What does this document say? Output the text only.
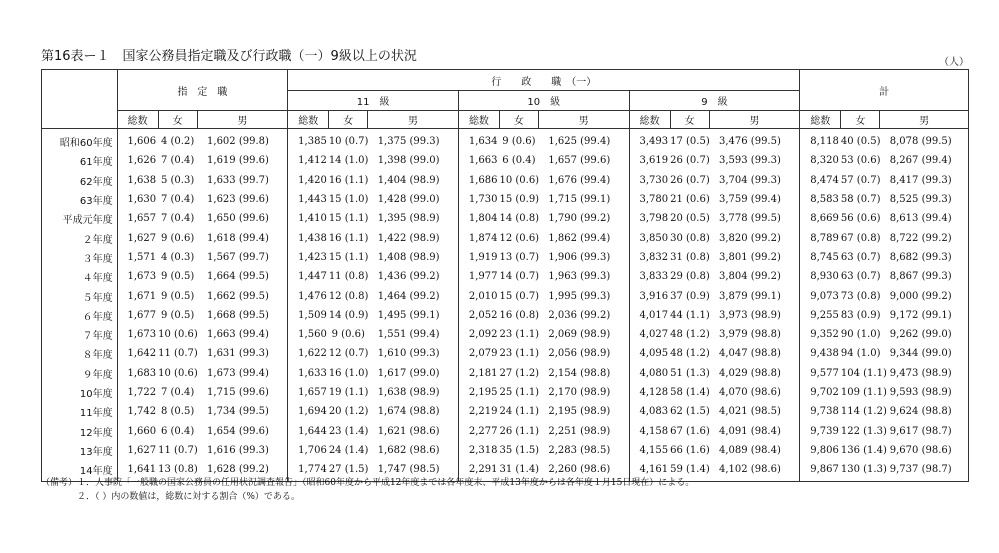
第16表ー１　国家公務員指定職及び行政職（一）9級以上の状況	（人）
	指　定　職			行　　政　　職　（一）									計		
				11　級			10　級			9　級					
	総数	女	男	総数	女	男	総数	女	男	総数	女	男	総数	女	男
昭和60年度	1,606	4 (0.2)	1,602 (99.8)	1,385	10 (0.7)	1,375 (99.3)	1,634	9 (0.6)	1,625 (99.4)	3,493	17 (0.5)	3,476 (99.5)	8,118	40 (0.5)	8,078 (99.5)
61年度	1,626	7 (0.4)	1,619 (99.6)	1,412	14 (1.0)	1,398 (99.0)	1,663	6 (0.4)	1,657 (99.6)	3,619	26 (0.7)	3,593 (99.3)	8,320	53 (0.6)	8,267 (99.4)
62年度	1,638	5 (0.3)	1,633 (99.7)	1,420	16 (1.1)	1,404 (98.9)	1,686	10 (0.6)	1,676 (99.4)	3,730	26 (0.7)	3,704 (99.3)	8,474	57 (0.7)	8,417 (99.3)
63年度	1,630	7 (0.4)	1,623 (99.6)	1,443	15 (1.0)	1,428 (99.0)	1,730	15 (0.9)	1,715 (99.1)	3,780	21 (0.6)	3,759 (99.4)	8,583	58 (0.7)	8,525 (99.3)
平成元年度	1,657	7 (0.4)	1,650 (99.6)	1,410	15 (1.1)	1,395 (98.9)	1,804	14 (0.8)	1,790 (99.2)	3,798	20 (0.5)	3,778 (99.5)	8,669	56 (0.6)	8,613 (99.4)
２年度	1,627	9 (0.6)	1,618 (99.4)	1,438	16 (1.1)	1,422 (98.9)	1,874	12 (0.6)	1,862 (99.4)	3,850	30 (0.8)	3,820 (99.2)	8,789	67 (0.8)	8,722 (99.2)
３年度	1,571	4 (0.3)	1,567 (99.7)	1,423	15 (1.1)	1,408 (98.9)	1,919	13 (0.7)	1,906 (99.3)	3,832	31 (0.8)	3,801 (99.2)	8,745	63 (0.7)	8,682 (99.3)
４年度	1,673	9 (0.5)	1,664 (99.5)	1,447	11 (0.8)	1,436 (99.2)	1,977	14 (0.7)	1,963 (99.3)	3,833	29 (0.8)	3,804 (99.2)	8,930	63 (0.7)	8,867 (99.3)
５年度	1,671	9 (0.5)	1,662 (99.5)	1,476	12 (0.8)	1,464 (99.2)	2,010	15 (0.7)	1,995 (99.3)	3,916	37 (0.9)	3,879 (99.1)	9,073	73 (0.8)	9,000 (99.2)
６年度	1,677	9 (0.5)	1,668 (99.5)	1,509	14 (0.9)	1,495 (99.1)	2,052	16 (0.8)	2,036 (99.2)	4,017	44 (1.1)	3,973 (98.9)	9,255	83 (0.9)	9,172 (99.1)
７年度	1,673	10 (0.6)	1,663 (99.4)	1,560	9 (0.6)	1,551 (99.4)	2,092	23 (1.1)	2,069 (98.9)	4,027	48 (1.2)	3,979 (98.8)	9,352	90 (1.0)	9,262 (99.0)
８年度	1,642	11 (0.7)	1,631 (99.3)	1,622	12 (0.7)	1,610 (99.3)	2,079	23 (1.1)	2,056 (98.9)	4,095	48 (1.2)	4,047 (98.8)	9,438	94 (1.0)	9,344 (99.0)
９年度	1,683	10 (0.6)	1,673 (99.4)	1,633	16 (1.0)	1,617 (99.0)	2,181	27 (1.2)	2,154 (98.8)	4,080	51 (1.3)	4,029 (98.8)	9,577	104 (1.1)	9,473 (98.9)
10年度	1,722	7 (0.4)	1,715 (99.6)	1,657	19 (1.1)	1,638 (98.9)	2,195	25 (1.1)	2,170 (98.9)	4,128	58 (1.4)	4,070 (98.6)	9,702	109 (1.1)	9,593 (98.9)
11年度	1,742	8 (0.5)	1,734 (99.5)	1,694	20 (1.2)	1,674 (98.8)	2,219	24 (1.1)	2,195 (98.9)	4,083	62 (1.5)	4,021 (98.5)	9,738	114 (1.2)	9,624 (98.8)
12年度	1,660	6 (0.4)	1,654 (99.6)	1,644	23 (1.4)	1,621 (98.6)	2,277	26 (1.1)	2,251 (98.9)	4,158	67 (1.6)	4,091 (98.4)	9,739	122 (1.3)	9,617 (98.7)
13年度	1,627	11 (0.7)	1,616 (99.3)	1,706	24 (1.4)	1,682 (98.6)	2,318	35 (1.5)	2,283 (98.5)	4,155	66 (1.6)	4,089 (98.4)	9,806	136 (1.4)	9,670 (98.6)
14年度	1,641	13 (0.8)	1,628 (99.2)	1,774	27 (1.5)	1,747 (98.5)	2,291	31 (1.4)	2,260 (98.6)	4,161	59 (1.4)	4,102 (98.6)	9,867	130 (1.3)	9,737 (98.7)
（備考）１．人事院「一般職の国家公務員の任用状況調査報告」（昭和60年度から平成12年度までは各年度末、平成13年度からは各年度１月15日現在）による。
２．（ ）内の数値は，総数に対する割合（%）である。
